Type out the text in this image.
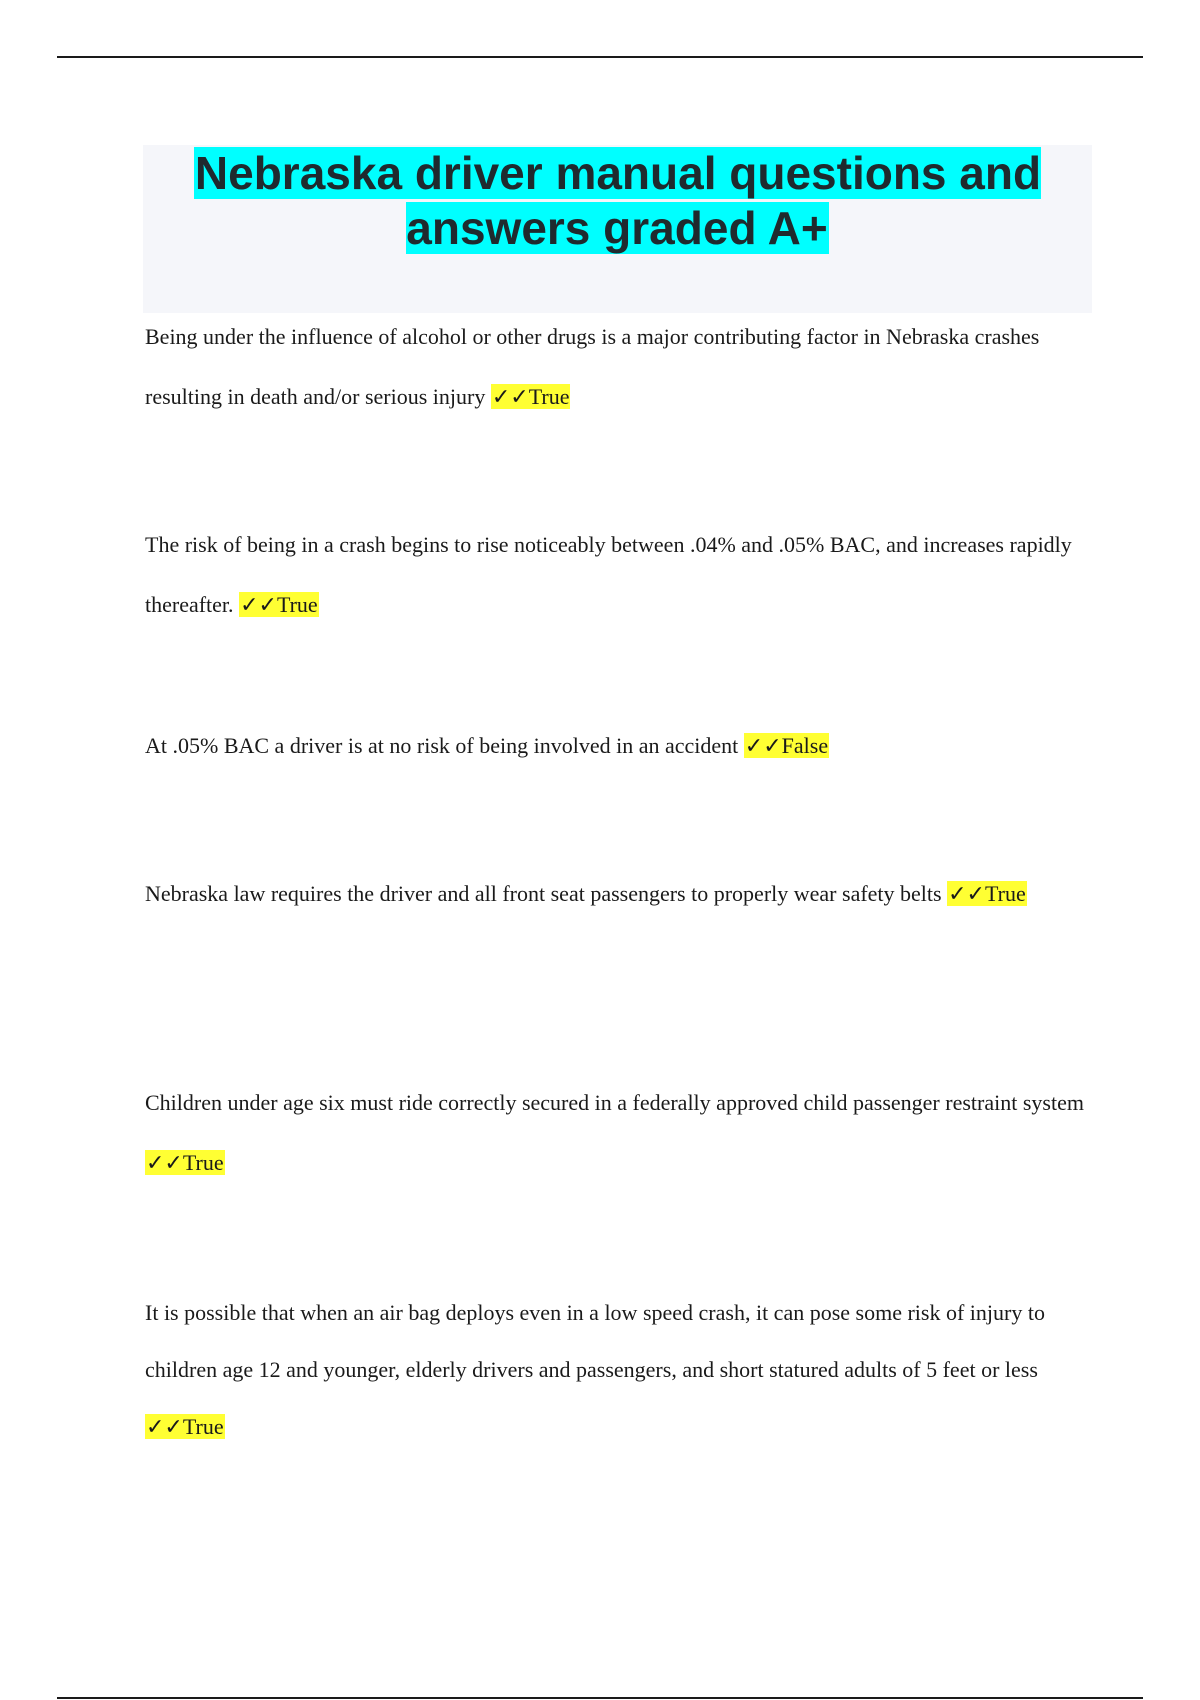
Nebraska driver manual questions and answers graded A+

Being under the influence of alcohol or other drugs is a major contributing factor in Nebraska crashes resulting in death and/or serious injury ✓✓True

The risk of being in a crash begins to rise noticeably between .04% and .05% BAC, and increases rapidly thereafter. ✓✓True

At .05% BAC a driver is at no risk of being involved in an accident ✓✓False

Nebraska law requires the driver and all front seat passengers to properly wear safety belts ✓✓True

Children under age six must ride correctly secured in a federally approved child passenger restraint system ✓✓True

It is possible that when an air bag deploys even in a low speed crash, it can pose some risk of injury to children age 12 and younger, elderly drivers and passengers, and short statured adults of 5 feet or less ✓✓True
